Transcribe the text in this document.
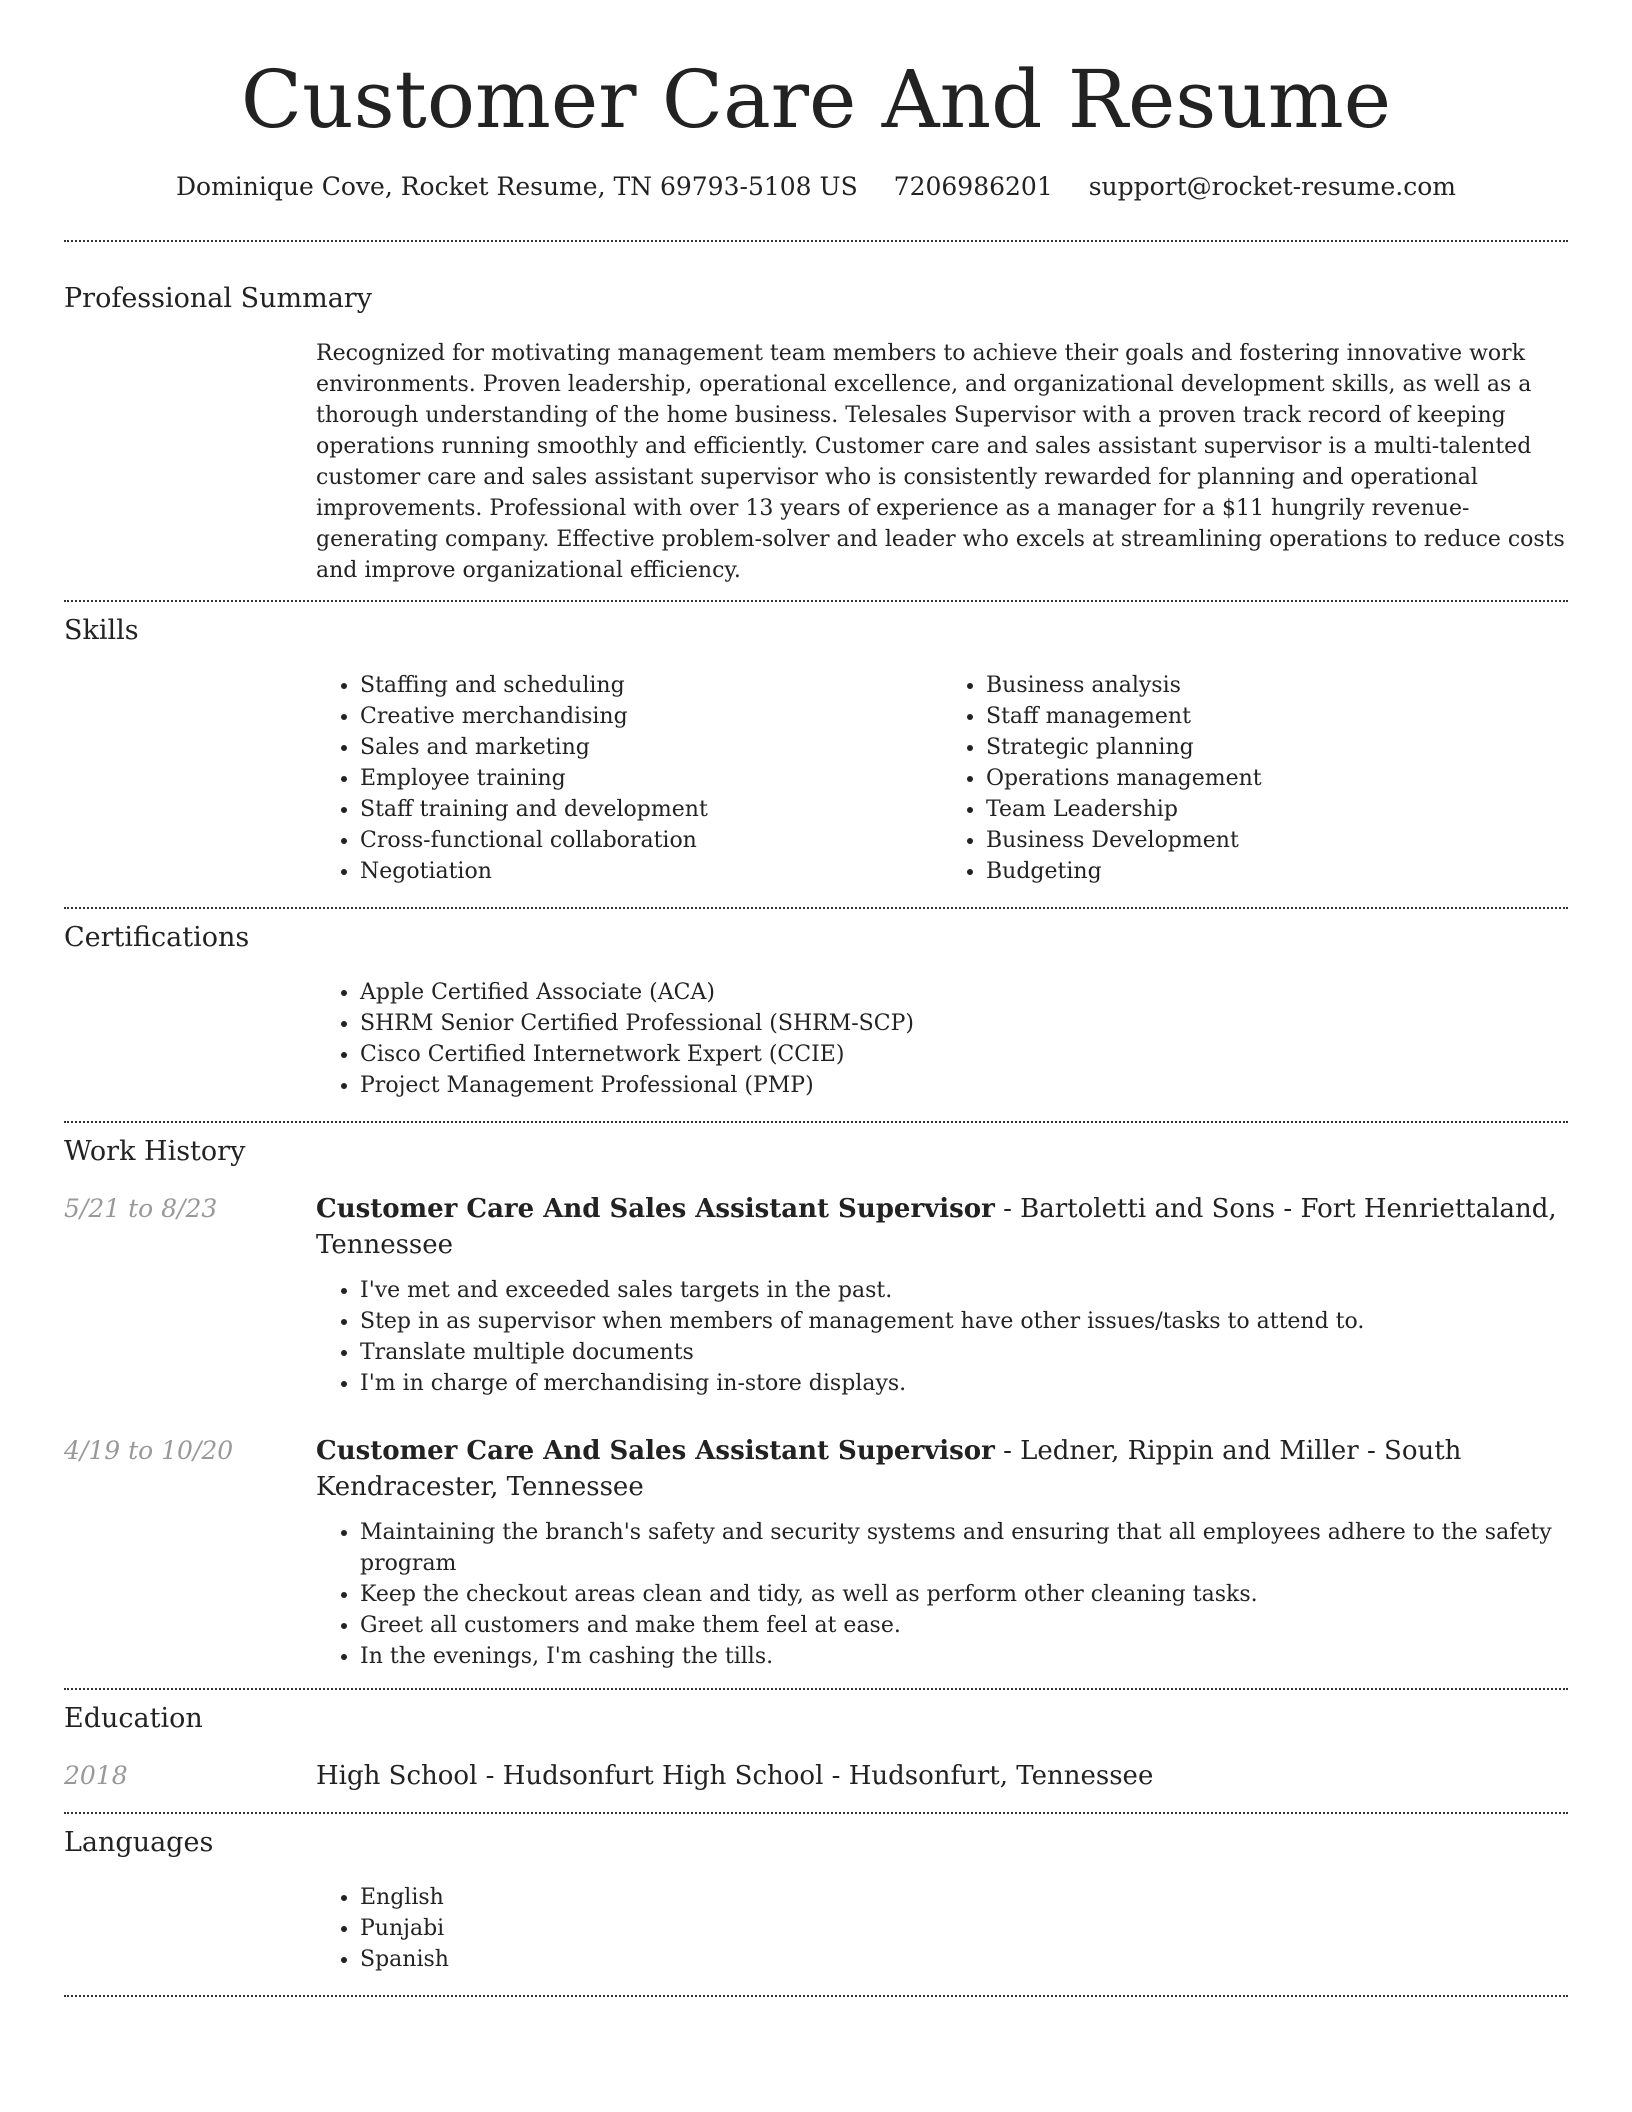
Customer Care And Resume
Dominique Cove, Rocket Resume, TN 69793-5108 US 7206986201 support@rocket-resume.com
Professional Summary
Recognized for motivating management team members to achieve their goals and fostering innovative work environments. Proven leadership, operational excellence, and organizational development skills, as well as a thorough understanding of the home business. Telesales Supervisor with a proven track record of keeping operations running smoothly and efficiently. Customer care and sales assistant supervisor is a multi-talented customer care and sales assistant supervisor who is consistently rewarded for planning and operational improvements. Professional with over 13 years of experience as a manager for a $11 hungrily revenue-generating company. Effective problem-solver and leader who excels at streamlining operations to reduce costs and improve organizational efficiency.
Skills
• Staffing and scheduling
• Creative merchandising
• Sales and marketing
• Employee training
• Staff training and development
• Cross-functional collaboration
• Negotiation
• Business analysis
• Staff management
• Strategic planning
• Operations management
• Team Leadership
• Business Development
• Budgeting
Certifications
• Apple Certified Associate (ACA)
• SHRM Senior Certified Professional (SHRM-SCP)
• Cisco Certified Internetwork Expert (CCIE)
• Project Management Professional (PMP)
Work History
5/21 to 8/23	Customer Care And Sales Assistant Supervisor - Bartoletti and Sons - Fort Henriettaland, Tennessee
• I've met and exceeded sales targets in the past.
• Step in as supervisor when members of management have other issues/tasks to attend to.
• Translate multiple documents
• I'm in charge of merchandising in-store displays.
4/19 to 10/20	Customer Care And Sales Assistant Supervisor - Ledner, Rippin and Miller - South Kendracester, Tennessee
• Maintaining the branch's safety and security systems and ensuring that all employees adhere to the safety program
• Keep the checkout areas clean and tidy, as well as perform other cleaning tasks.
• Greet all customers and make them feel at ease.
• In the evenings, I'm cashing the tills.
Education
2018	High School - Hudsonfurt High School - Hudsonfurt, Tennessee
Languages
• English
• Punjabi
• Spanish
